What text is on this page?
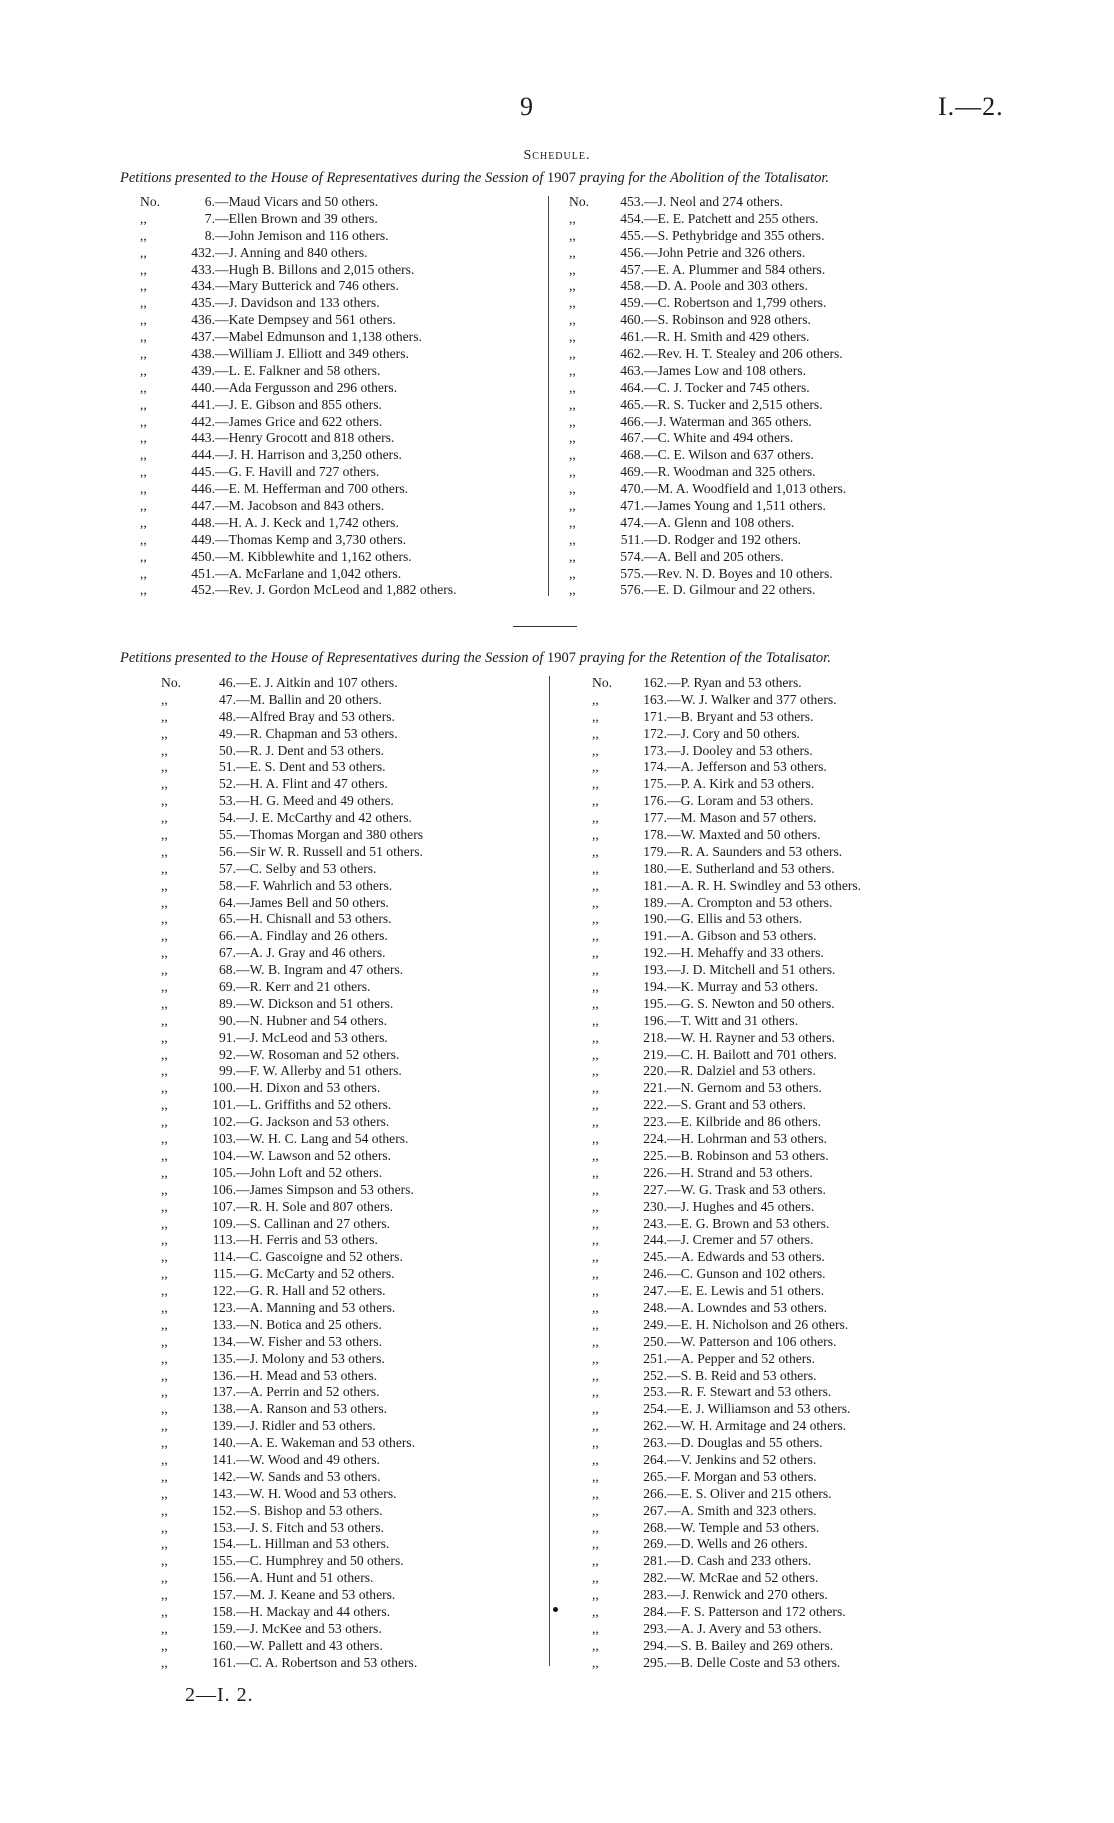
9	I.—2.
Schedule.
Petitions presented to the House of Representatives during the Session of 1907 praying for the Abolition of the Totalisator.
No.	6.—Maud Vicars and 50 others.
,,	7.—Ellen Brown and 39 others.
,,	8.—John Jemison and 116 others.
,,	432.—J. Anning and 840 others.
,,	433.—Hugh B. Billons and 2,015 others.
,,	434.—Mary Butterick and 746 others.
,,	435.—J. Davidson and 133 others.
,,	436.—Kate Dempsey and 561 others.
,,	437.—Mabel Edmunson and 1,138 others.
,,	438.—William J. Elliott and 349 others.
,,	439.—L. E. Falkner and 58 others.
,,	440.—Ada Fergusson and 296 others.
,,	441.—J. E. Gibson and 855 others.
,,	442.—James Grice and 622 others.
,,	443.—Henry Grocott and 818 others.
,,	444.—J. H. Harrison and 3,250 others.
,,	445.—G. F. Havill and 727 others.
,,	446.—E. M. Hefferman and 700 others.
,,	447.—M. Jacobson and 843 others.
,,	448.—H. A. J. Keck and 1,742 others.
,,	449.—Thomas Kemp and 3,730 others.
,,	450.—M. Kibblewhite and 1,162 others.
,,	451.—A. McFarlane and 1,042 others.
,,	452.—Rev. J. Gordon McLeod and 1,882 others.
No. 453.—J. Neol and 274 others.
,,	454.—E. E. Patchett and 255 others.
,,	455.—S. Pethybridge and 355 others.
,,	456.—John Petrie and 326 others.
,,	457.—E. A. Plummer and 584 others.
,,	458.—D. A. Poole and 303 others.
,,	459.—C. Robertson and 1,799 others.
,,	460.—S. Robinson and 928 others.
,,	461.—R. H. Smith and 429 others.
,,	462.—Rev. H. T. Stealey and 206 others.
,,	463.—James Low and 108 others.
,,	464.—C. J. Tocker and 745 others.
,,	465.—R. S. Tucker and 2,515 others.
,,	466.—J. Waterman and 365 others.
,,	467.—C. White and 494 others.
,,	468.—C. E. Wilson and 637 others.
,,	469.—R. Woodman and 325 others.
,,	470.—M. A. Woodfield and 1,013 others.
,,	471.—James Young and 1,511 others.
,,	474.—A. Glenn and 108 others.
,,	511.—D. Rodger and 192 others.
,,	574.—A. Bell and 205 others.
,,	575.—Rev. N. D. Boyes and 10 others.
,,	576.—E. D. Gilmour and 22 others.
Petitions presented to the House of Representatives during the Session of 1907 praying for the Retention of the Totalisator.
No.	46.—E. J. Aitkin and 107 others.
,,	47.—M. Ballin and 20 others.
,,	48.—Alfred Bray and 53 others.
,,	49.—R. Chapman and 53 others.
,,	50.—R. J. Dent and 53 others.
,,	51.—E. S. Dent and 53 others.
,,	52.—H. A. Flint and 47 others.
,,	53.—H. G. Meed and 49 others.
,,	54.—J. E. McCarthy and 42 others.
,,	55.—Thomas Morgan and 380 others
,,	56.—Sir W. R. Russell and 51 others.
,,	57.—C. Selby and 53 others.
,,	58.—F. Wahrlich and 53 others.
,,	64.—James Bell and 50 others.
,,	65.—H. Chisnall and 53 others.
,,	66.—A. Findlay and 26 others.
,,	67.—A. J. Gray and 46 others.
,,	68.—W. B. Ingram and 47 others.
,,	69.—R. Kerr and 21 others.
,,	89.—W. Dickson and 51 others.
,,	90.—N. Hubner and 54 others.
,,	91.—J. McLeod and 53 others.
,,	92.—W. Rosoman and 52 others.
,,	99.—F. W. Allerby and 51 others.
,,	100.—H. Dixon and 53 others.
,,	101.—L. Griffiths and 52 others.
,,	102.—G. Jackson and 53 others.
,,	103.—W. H. C. Lang and 54 others.
,,	104.—W. Lawson and 52 others.
,,	105.—John Loft and 52 others.
,,	106.—James Simpson and 53 others.
,,	107.—R. H. Sole and 807 others.
,,	109.—S. Callinan and 27 others.
,,	113.—H. Ferris and 53 others.
,,	114.—C. Gascoigne and 52 others.
,,	115.—G. McCarty and 52 others.
,,	122.—G. R. Hall and 52 others.
,,	123.—A. Manning and 53 others.
,,	133.—N. Botica and 25 others.
,,	134.—W. Fisher and 53 others.
,,	135.—J. Molony and 53 others.
,,	136.—H. Mead and 53 others.
,,	137.—A. Perrin and 52 others.
,,	138.—A. Ranson and 53 others.
,,	139.—J. Ridler and 53 others.
,,	140.—A. E. Wakeman and 53 others.
,,	141.—W. Wood and 49 others.
,,	142.—W. Sands and 53 others.
,,	143.—W. H. Wood and 53 others.
,,	152.—S. Bishop and 53 others.
,,	153.—J. S. Fitch and 53 others.
,,	154.—L. Hillman and 53 others.
,,	155.—C. Humphrey and 50 others.
,,	156.—A. Hunt and 51 others.
,,	157.—M. J. Keane and 53 others.
,,	158.—H. Mackay and 44 others.
,,	159.—J. McKee and 53 others.
,,	160.—W. Pallett and 43 others.
,,	161.—C. A. Robertson and 53 others.
No. 162.—P. Ryan and 53 others.
,,	163.—W. J. Walker and 377 others.
,,	171.—B. Bryant and 53 others.
,,	172.—J. Cory and 50 others.
,,	173.—J. Dooley and 53 others.
,,	174.—A. Jefferson and 53 others.
,,	175.—P. A. Kirk and 53 others.
,,	176.—G. Loram and 53 others.
,,	177.—M. Mason and 57 others.
,,	178.—W. Maxted and 50 others.
,,	179.—R. A. Saunders and 53 others.
,,	180.—E. Sutherland and 53 others.
,,	181.—A. R. H. Swindley and 53 others.
,,	189.—A. Crompton and 53 others.
,,	190.—G. Ellis and 53 others.
,,	191.—A. Gibson and 53 others.
,,	192.—H. Mehaffy and 33 others.
,,	193.—J. D. Mitchell and 51 others.
,,	194.—K. Murray and 53 others.
,,	195.—G. S. Newton and 50 others.
,,	196.—T. Witt and 31 others.
,,	218.—W. H. Rayner and 53 others.
,,	219.—C. H. Bailott and 701 others.
,,	220.—R. Dalziel and 53 others.
,,	221.—N. Gernom and 53 others.
,,	222.—S. Grant and 53 others.
,,	223.—E. Kilbride and 86 others.
,,	224.—H. Lohrman and 53 others.
,,	225.—B. Robinson and 53 others.
,,	226.—H. Strand and 53 others.
,,	227.—W. G. Trask and 53 others.
,,	230.—J. Hughes and 45 others.
,,	243.—E. G. Brown and 53 others.
,,	244.—J. Cremer and 57 others.
,,	245.—A. Edwards and 53 others.
,,	246.—C. Gunson and 102 others.
,,	247.—E. E. Lewis and 51 others.
,,	248.—A. Lowndes and 53 others.
,,	249.—E. H. Nicholson and 26 others.
,,	250.—W. Patterson and 106 others.
,,	251.—A. Pepper and 52 others.
,,	252.—S. B. Reid and 53 others.
,,	253.—R. F. Stewart and 53 others.
,,	254.—E. J. Williamson and 53 others.
,,	262.—W. H. Armitage and 24 others.
,,	263.—D. Douglas and 55 others.
,,	264.—V. Jenkins and 52 others.
,,	265.—F. Morgan and 53 others.
,,	266.—E. S. Oliver and 215 others.
,,	267.—A. Smith and 323 others.
,,	268.—W. Temple and 53 others.
,,	269.—D. Wells and 26 others.
,,	281.—D. Cash and 233 others.
,,	282.—W. McRae and 52 others.
,,	283.—J. Renwick and 270 others.
,,	284.—F. S. Patterson and 172 others.
,,	293.—A. J. Avery and 53 others.
,,	294.—S. B. Bailey and 269 others.
,,	295.—B. Delle Coste and 53 others.
2—I. 2.
